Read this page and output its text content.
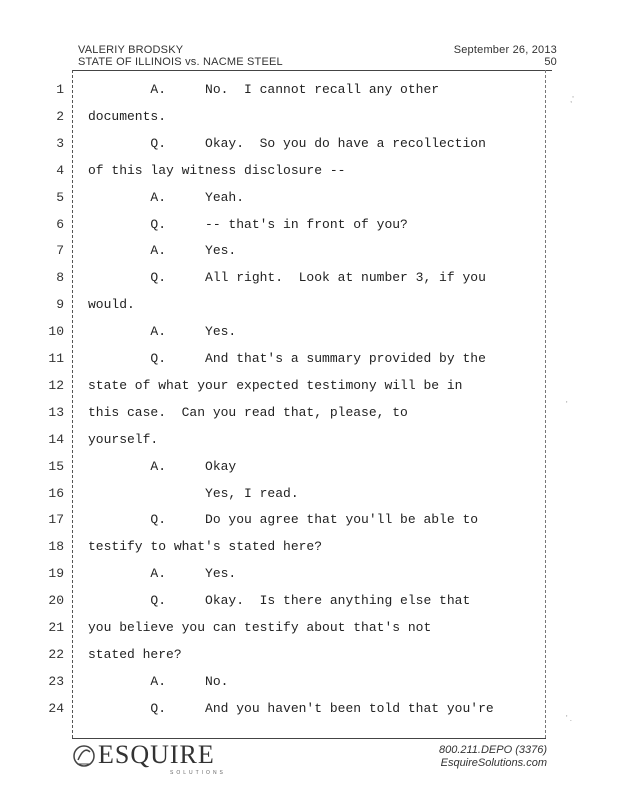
VALERIY BRODSKY
STATE OF ILLINOIS vs. NACME STEEL
September 26, 2013
50
1 A.     No.  I cannot recall any other
2 documents.
3 Q.     Okay.  So you do have a recollection
4 of this lay witness disclosure --
5 A.     Yeah.
6 Q.     -- that's in front of you?
7 A.     Yes.
8 Q.     All right.  Look at number 3, if you
9 would.
10 A.     Yes.
11 Q.     And that's a summary provided by the
12 state of what your expected testimony will be in
13 this case.  Can you read that, please, to
14 yourself.
15 A.     Okay
16 Yes, I read.
17 Q.     Do you agree that you'll be able to
18 testify to what's stated here?
19 A.     Yes.
20 Q.     Okay.  Is there anything else that
21 you believe you can testify about that's not
22 stated here?
23 A.     No.
24 Q.     And you haven't been told that you're
ESQUIRE
SOLUTIONS
800.211.DEPO (3376)
EsquireSolutions.com
,'
'
' .
